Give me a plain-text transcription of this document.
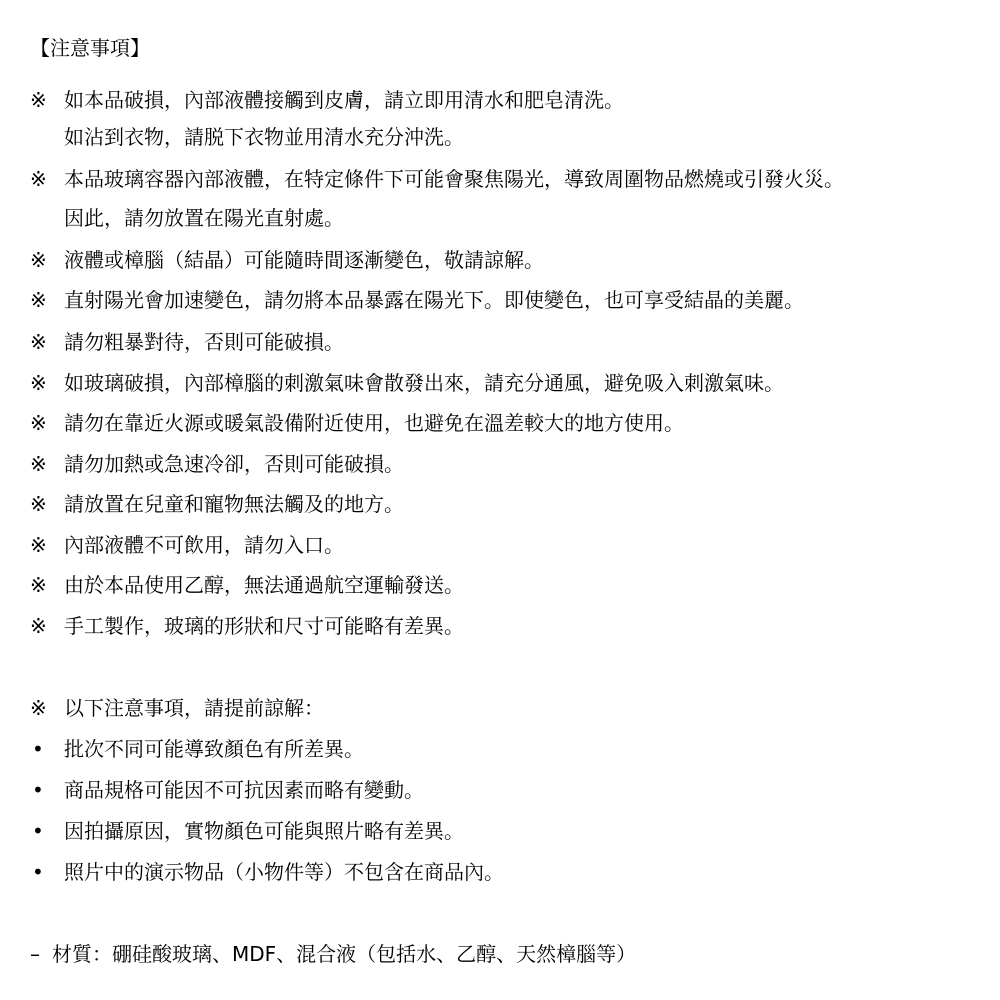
【注意事項】
※ 如本品破損，內部液體接觸到皮膚，請立即用清水和肥皂清洗。
如沾到衣物，請脱下衣物並用清水充分沖洗。
※ 本品玻璃容器內部液體，在特定條件下可能會聚焦陽光，導致周圍物品燃燒或引發火災。
因此，請勿放置在陽光直射處。
※ 液體或樟腦（結晶）可能隨時間逐漸變色，敬請諒解。
※ 直射陽光會加速變色，請勿將本品暴露在陽光下。即使變色，也可享受結晶的美麗。
※ 請勿粗暴對待，否則可能破損。
※ 如玻璃破損，內部樟腦的刺激氣味會散發出來，請充分通風，避免吸入刺激氣味。
※ 請勿在靠近火源或暖氣設備附近使用，也避免在溫差較大的地方使用。
※ 請勿加熱或急速冷卻，否則可能破損。
※ 請放置在兒童和寵物無法觸及的地方。
※ 內部液體不可飲用，請勿入口。
※ 由於本品使用乙醇，無法通過航空運輸發送。
※ 手工製作，玻璃的形狀和尺寸可能略有差異。
※ 以下注意事項，請提前諒解：
• 批次不同可能導致顏色有所差異。
• 商品規格可能因不可抗因素而略有變動。
• 因拍攝原因，實物顏色可能與照片略有差異。
• 照片中的演示物品（小物件等）不包含在商品內。
– 材質：硼硅酸玻璃、MDF、混合液（包括水、乙醇、天然樟腦等）
